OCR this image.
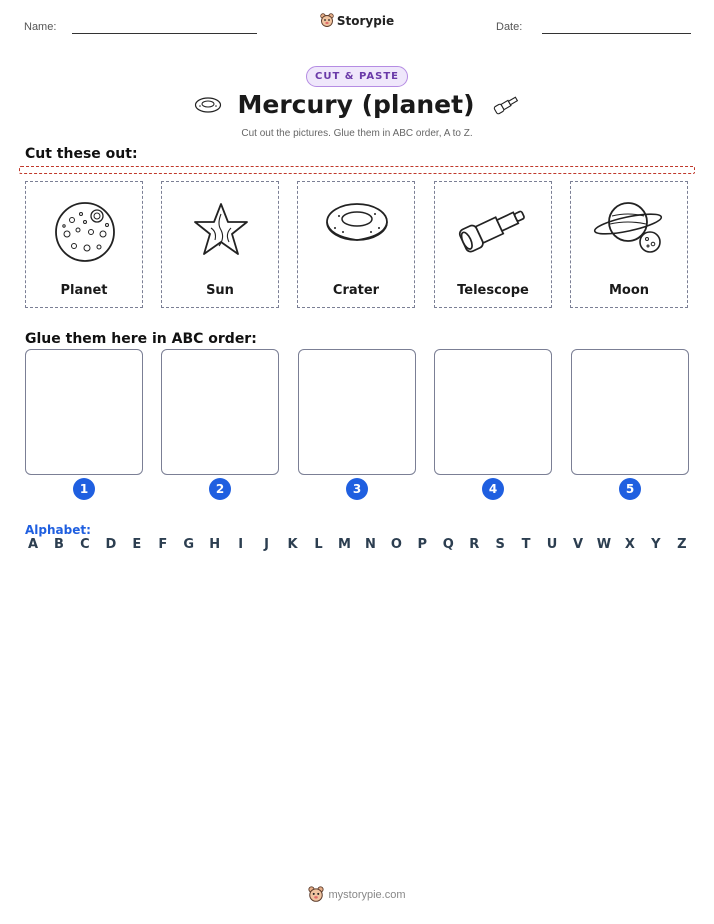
Name:	Storypie	Date:
CUT & PASTE
Mercury (planet)
Cut out the pictures. Glue them in ABC order, A to Z.
Cut these out:
Planet	Sun	Crater	Telescope	Moon
Glue them here in ABC order:
1	2	3	4	5
Alphabet:
A B C D E F G H	I	J	K L M N O P Q R S T U V W X Y Z
mystorypie.com
